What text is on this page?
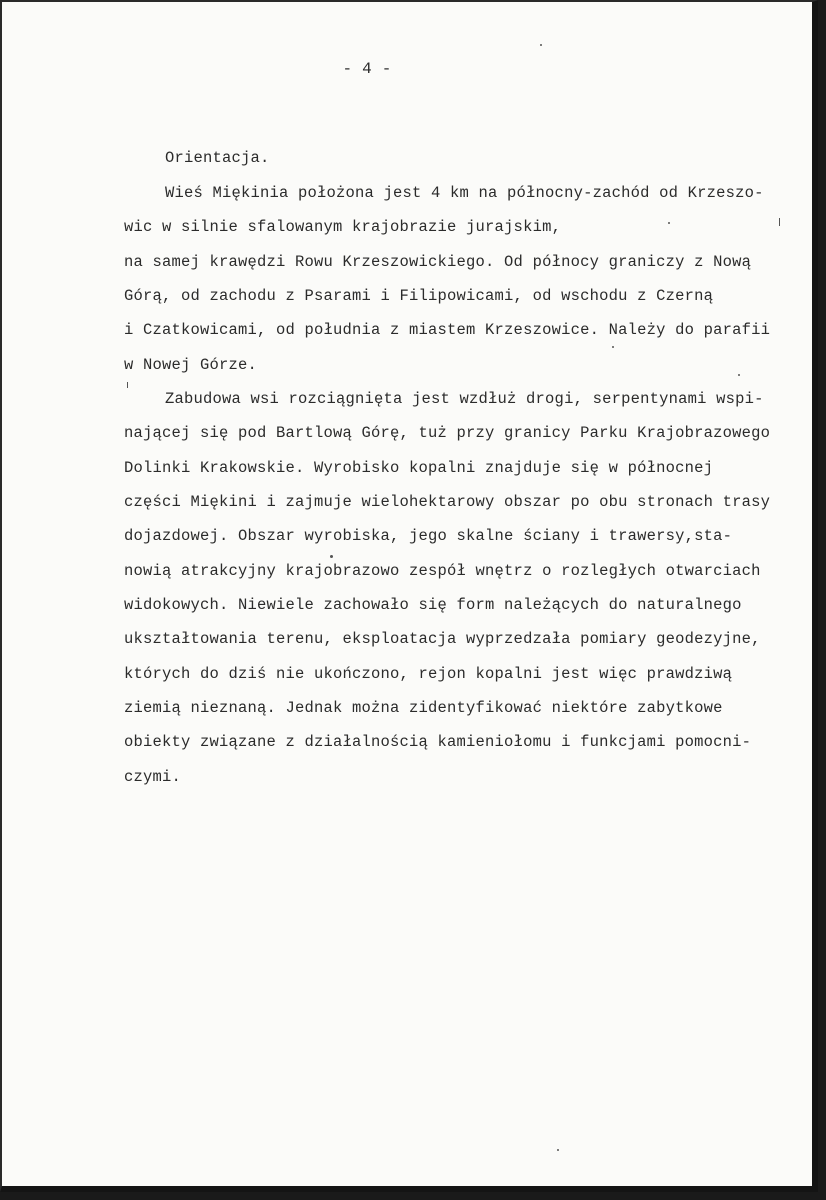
- 4 -
Orientacja.
Wieś Miękinia położona jest 4 km na północny-zachód od Krzeszo-
wic w silnie sfalowanym krajobrazie jurajskim,
na samej krawędzi Rowu Krzeszowickiego. Od północy graniczy z Nową
Górą, od zachodu z Psarami i Filipowicami, od wschodu z Czerną
i Czatkowicami, od południa z miastem Krzeszowice. Należy do parafii
w Nowej Górze.
Zabudowa wsi rozciągnięta jest wzdłuż drogi, serpentynami wspi-
nającej się pod Bartlową Górę, tuż przy granicy Parku Krajobrazowego
Dolinki Krakowskie. Wyrobisko kopalni znajduje się w północnej
części Miękini i zajmuje wielohektarowy obszar po obu stronach trasy
dojazdowej. Obszar wyrobiska, jego skalne ściany i trawersy,sta-
nowią atrakcyjny krajobrazowo zespół wnętrz o rozległych otwarciach
widokowych. Niewiele zachowało się form należących do naturalnego
ukształtowania terenu, eksploatacja wyprzedzała pomiary geodezyjne,
których do dziś nie ukończono, rejon kopalni jest więc prawdziwą
ziemią nieznaną. Jednak można zidentyfikować niektóre zabytkowe
obiekty związane z działalnością kamieniołomu i funkcjami pomocni-
czymi.
